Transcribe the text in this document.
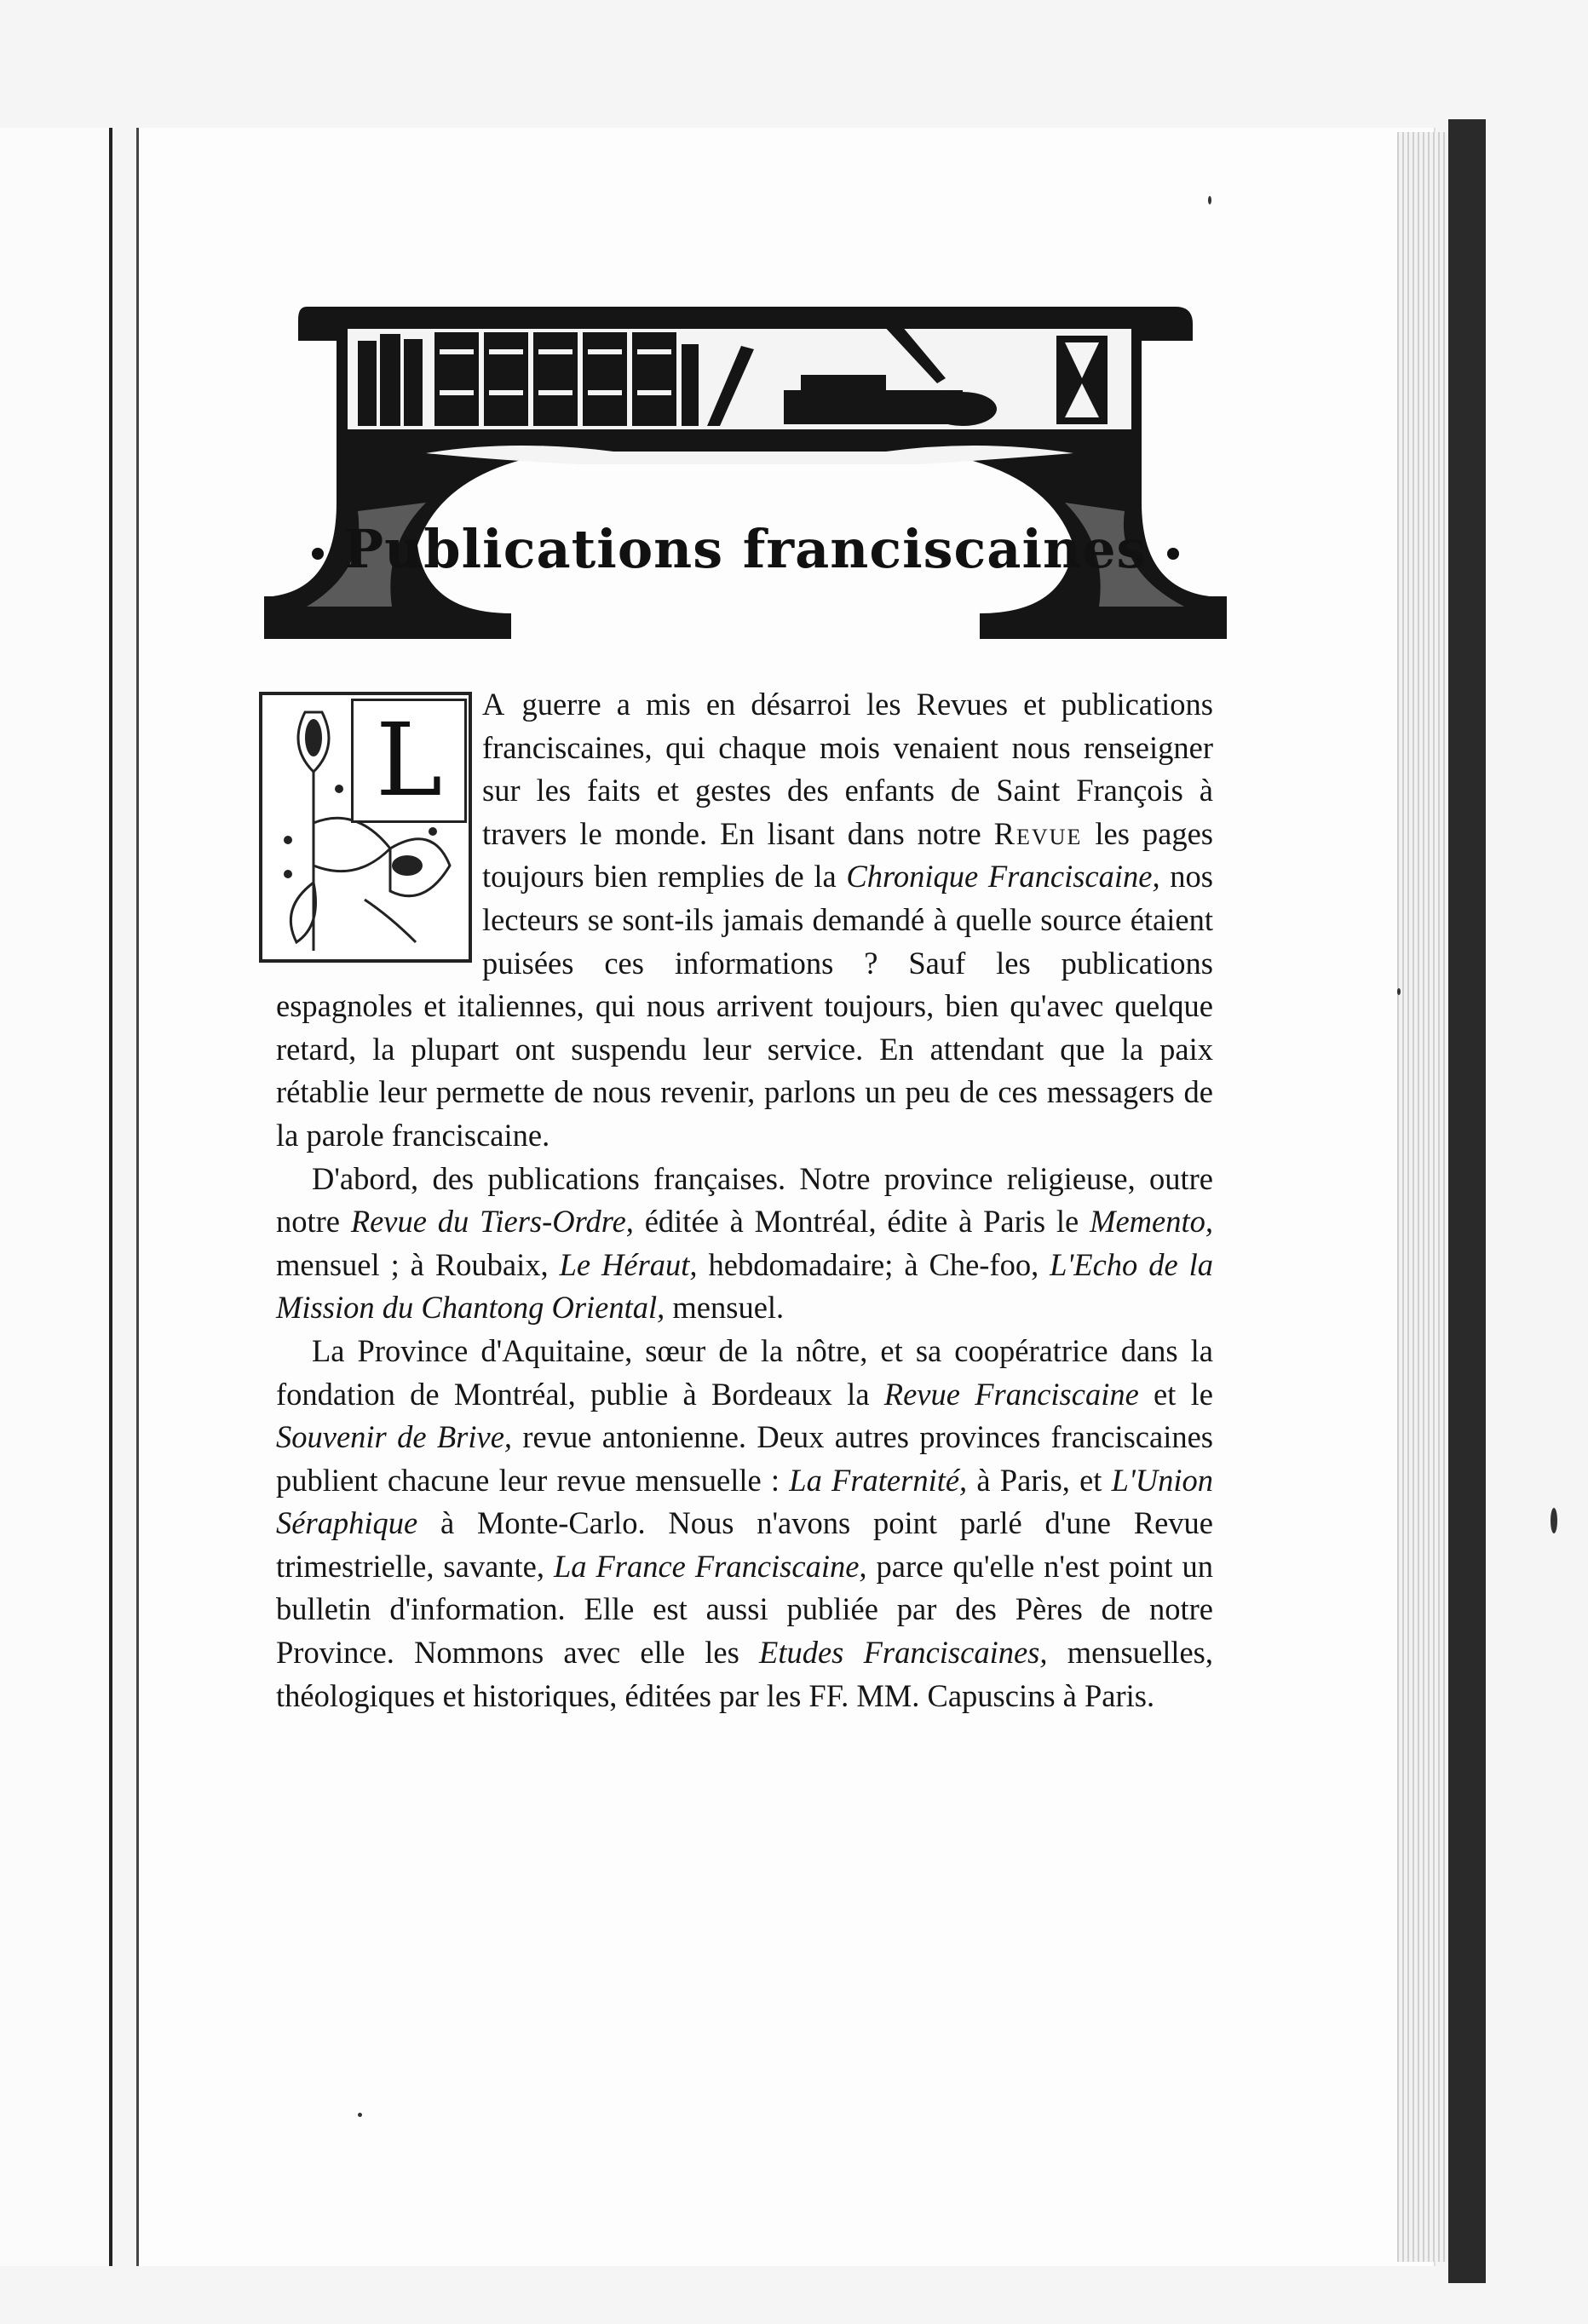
Publications franciscaines
L	A guerre a mis en désarroi les Revues et publications franciscaines, qui chaque mois venaient nous renseigner sur les faits et gestes des enfants de Saint François à travers le monde. En lisant dans notre Revue les pages toujours bien remplies de la Chronique Franciscaine, nos lecteurs se sont-ils jamais demandé à quelle source étaient puisées ces informations ? Sauf les publications espagnoles et italiennes, qui nous arrivent toujours, bien qu'avec quelque retard, la plupart ont suspendu leur service. En attendant que la paix rétablie leur permette de nous revenir, parlons un peu de ces messagers de la parole franciscaine.

D'abord, des publications françaises. Notre province religieuse, outre notre Revue du Tiers-Ordre, éditée à Montréal, édite à Paris le Memento, mensuel ; à Roubaix, Le Héraut, hebdomadaire; à Che-foo, L'Echo de la Mission du Chantong Oriental, mensuel.

La Province d'Aquitaine, sœur de la nôtre, et sa coopératrice dans la fondation de Montréal, publie à Bordeaux la Revue Franciscaine et le Souvenir de Brive, revue antonienne. Deux autres provinces franciscaines publient chacune leur revue mensuelle : La Fraternité, à Paris, et L'Union Séraphique à Monte-Carlo. Nous n'avons point parlé d'une Revue trimestrielle, savante, La France Franciscaine, parce qu'elle n'est point un bulletin d'information. Elle est aussi publiée par des Pères de notre Province. Nommons avec elle les Etudes Franciscaines, mensuelles, théologiques et historiques, éditées par les FF. MM. Capuscins à Paris.
